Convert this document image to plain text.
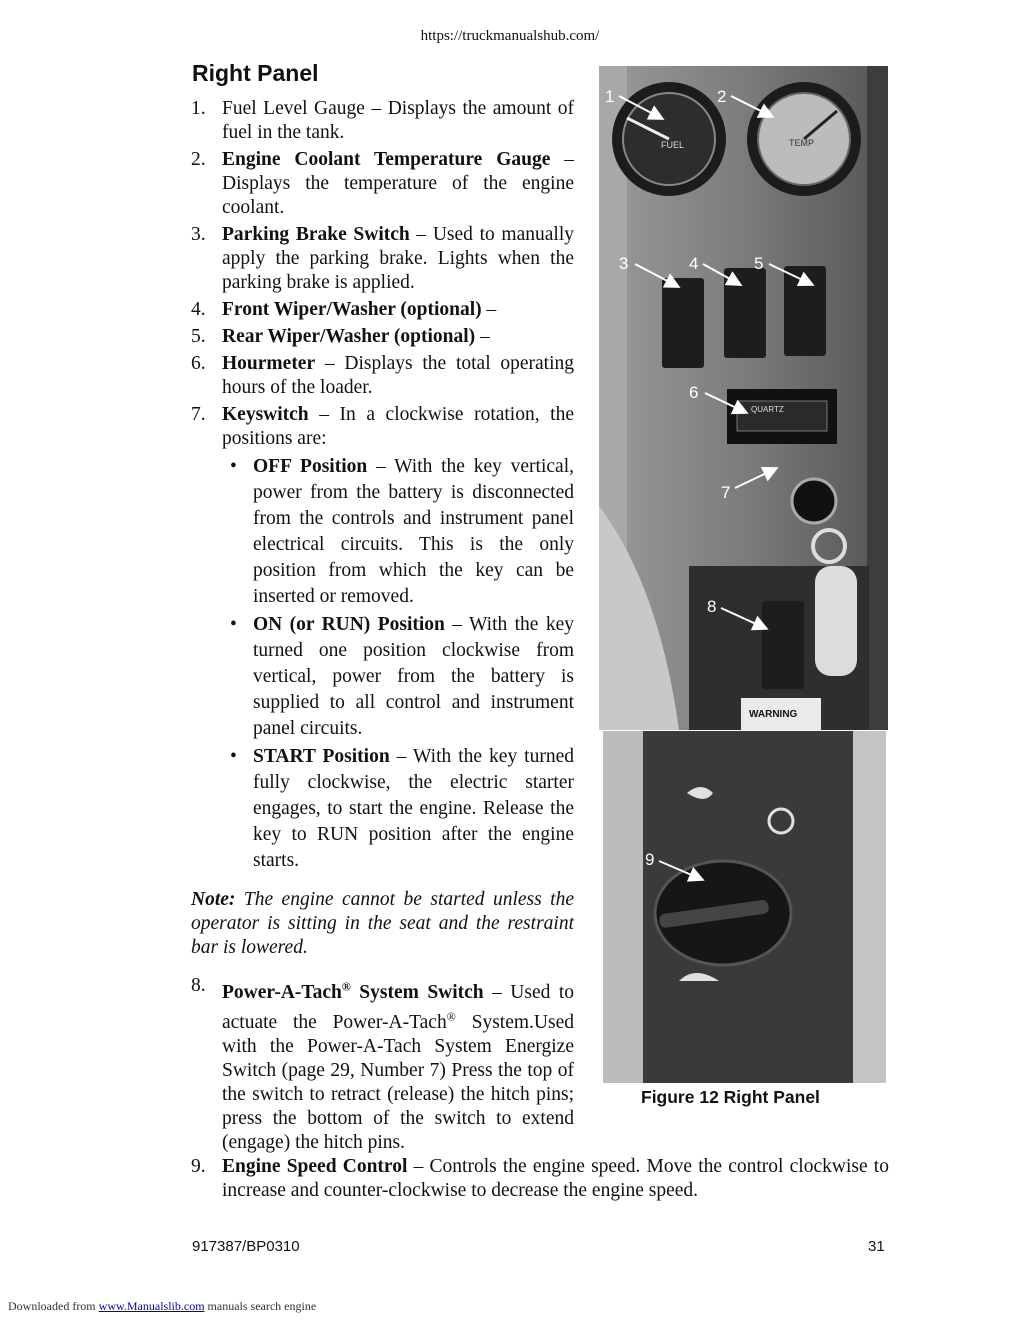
https://truckmanualshub.com/
Right Panel
1. Fuel Level Gauge – Displays the amount of fuel in the tank.
2. Engine Coolant Temperature Gauge – Displays the temperature of the engine coolant.
3. Parking Brake Switch – Used to manually apply the parking brake. Lights when the parking brake is applied.
4. Front Wiper/Washer (optional) –
5. Rear Wiper/Washer (optional) –
6. Hourmeter – Displays the total operating hours of the loader.
7. Keyswitch – In a clockwise rotation, the positions are:
• OFF Position – With the key vertical, power from the battery is disconnected from the controls and instrument panel electrical circuits. This is the only position from which the key can be inserted or removed.
• ON (or RUN) Position – With the key turned one position clockwise from vertical, power from the battery is supplied to all control and instrument panel circuits.
• START Position – With the key turned fully clockwise, the electric starter engages, to start the engine. Release the key to RUN position after the engine starts.

Note: The engine cannot be started unless the operator is sitting in the seat and the restraint bar is lowered.

8. Power-A-Tach® System Switch – Used to actuate the Power-A-Tach® System.Used with the Power-A-Tach System Energize Switch (page 29, Number 7) Press the top of the switch to retract (release) the hitch pins; press the bottom of the switch to extend (engage) the hitch pins.
9. Engine Speed Control – Controls the engine speed. Move the control clockwise to increase and counter-clockwise to decrease the engine speed.
FUEL	TEMP
QUARTZ
WARNING
1	2
3	4	5
6
7
8
9
Figure 12 Right Panel
917387/BP0310	31
Downloaded from www.Manualslib.com manuals search engine
